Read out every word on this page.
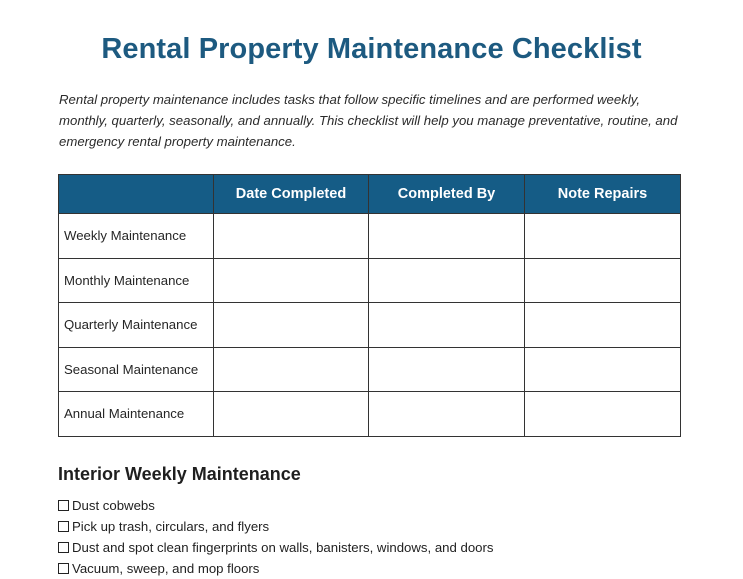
Rental Property Maintenance Checklist
Rental property maintenance includes tasks that follow specific timelines and are performed weekly, monthly, quarterly, seasonally, and annually. This checklist will help you manage preventative, routine, and emergency rental property maintenance.
	Date Completed	Completed By	Note Repairs
Weekly Maintenance			
Monthly Maintenance			
Quarterly Maintenance			
Seasonal Maintenance			
Annual Maintenance			
Interior Weekly Maintenance
Dust cobwebs
Pick up trash, circulars, and flyers
Dust and spot clean fingerprints on walls, banisters, windows, and doors
Vacuum, sweep, and mop floors
